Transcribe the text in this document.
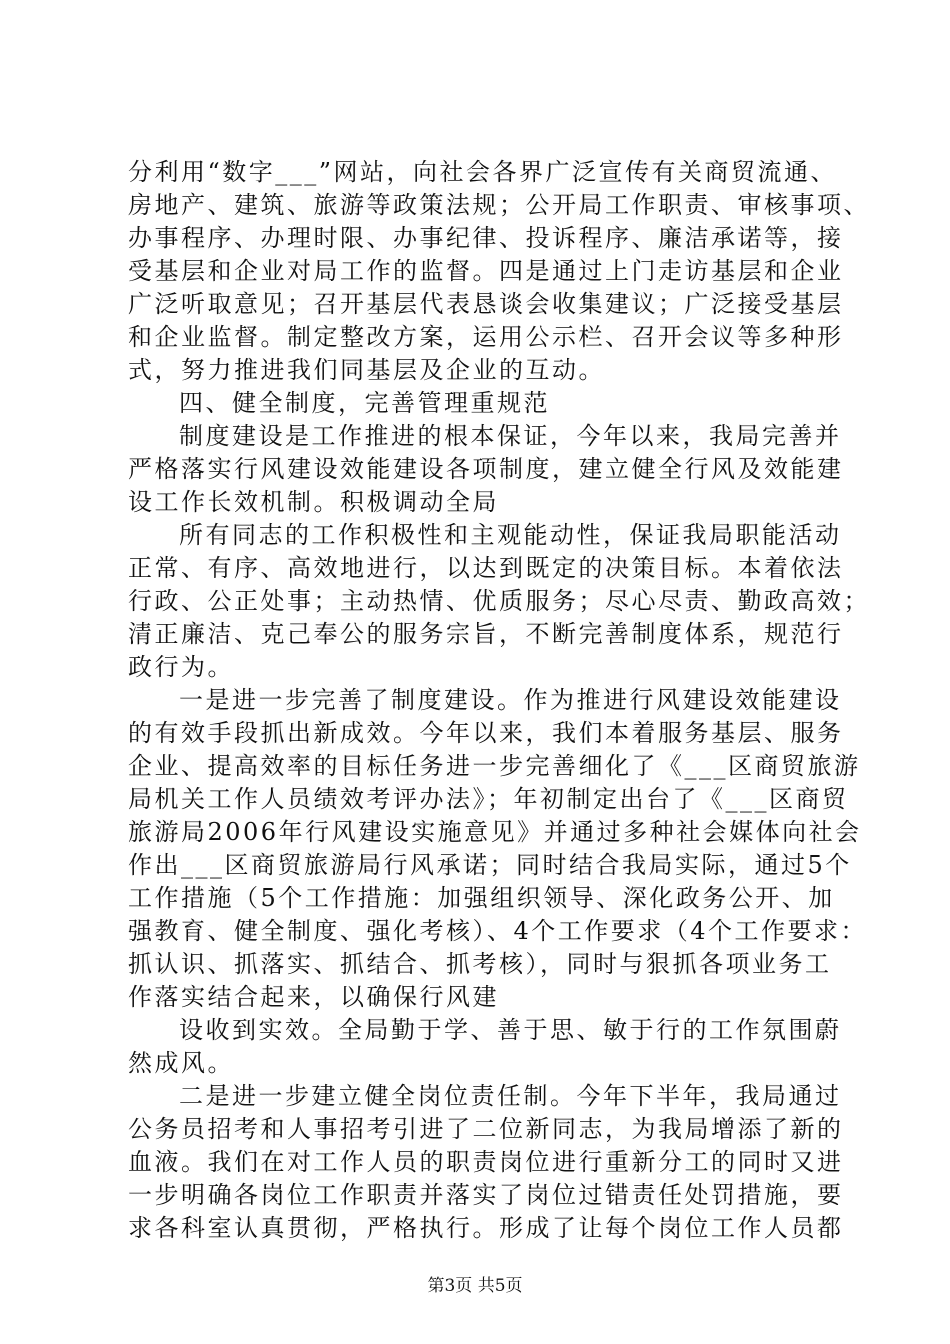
分利用“数字___”网站，向社会各界广泛宣传有关商贸流通、
房地产、建筑、旅游等政策法规；公开局工作职责、审核事项、
办事程序、办理时限、办事纪律、投诉程序、廉洁承诺等，接
受基层和企业对局工作的监督。四是通过上门走访基层和企业
广泛听取意见；召开基层代表恳谈会收集建议；广泛接受基层
和企业监督。制定整改方案，运用公示栏、召开会议等多种形
式，努力推进我们同基层及企业的互动。
四、健全制度，完善管理重规范
制度建设是工作推进的根本保证，今年以来，我局完善并
严格落实行风建设效能建设各项制度，建立健全行风及效能建
设工作长效机制。积极调动全局
所有同志的工作积极性和主观能动性，保证我局职能活动
正常、有序、高效地进行，以达到既定的决策目标。本着依法
行政、公正处事；主动热情、优质服务；尽心尽责、勤政高效；
清正廉洁、克己奉公的服务宗旨，不断完善制度体系，规范行
政行为。
一是进一步完善了制度建设。作为推进行风建设效能建设
的有效手段抓出新成效。今年以来，我们本着服务基层、服务
企业、提高效率的目标任务进一步完善细化了《___区商贸旅游
局机关工作人员绩效考评办法》；年初制定出台了《___区商贸
旅游局2006年行风建设实施意见》并通过多种社会媒体向社会
作出___区商贸旅游局行风承诺；同时结合我局实际，通过5个
工作措施（5个工作措施：加强组织领导、深化政务公开、加
强教育、健全制度、强化考核）、4个工作要求（4个工作要求：
抓认识、抓落实、抓结合、抓考核），同时与狠抓各项业务工
作落实结合起来，以确保行风建
设收到实效。全局勤于学、善于思、敏于行的工作氛围蔚
然成风。
二是进一步建立健全岗位责任制。今年下半年，我局通过
公务员招考和人事招考引进了二位新同志，为我局增添了新的
血液。我们在对工作人员的职责岗位进行重新分工的同时又进
一步明确各岗位工作职责并落实了岗位过错责任处罚措施，要
求各科室认真贯彻，严格执行。形成了让每个岗位工作人员都
第3页 共5页
